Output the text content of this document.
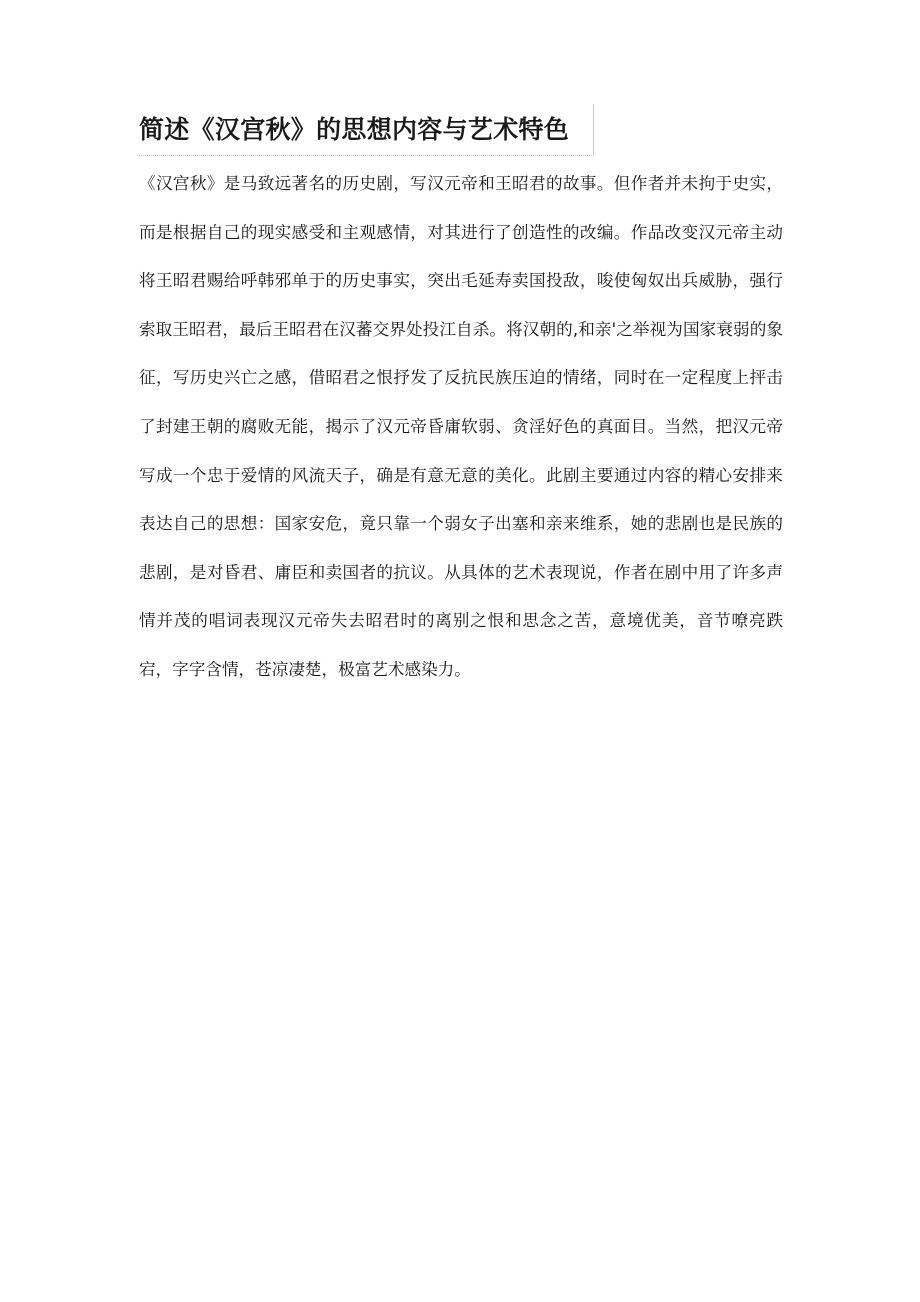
简述《汉宫秋》的思想内容与艺术特色

《汉宫秋》是马致远著名的历史剧，写汉元帝和王昭君的故事。但作者并未拘于史实，而是根据自己的现实感受和主观感情，对其进行了创造性的改编。作品改变汉元帝主动将王昭君赐给呼韩邪单于的历史事实，突出毛延寿卖国投敌，唆使匈奴出兵威胁，强行索取王昭君，最后王昭君在汉蕃交界处投江自杀。将汉朝的,和亲'之举视为国家衰弱的象征，写历史兴亡之感，借昭君之恨抒发了反抗民族压迫的情绪，同时在一定程度上抨击了封建王朝的腐败无能，揭示了汉元帝昏庸软弱、贪淫好色的真面目。当然，把汉元帝写成一个忠于爱情的风流天子，确是有意无意的美化。此剧主要通过内容的精心安排来表达自己的思想：国家安危，竟只靠一个弱女子出塞和亲来维系，她的悲剧也是民族的悲剧，是对昏君、庸臣和卖国者的抗议。从具体的艺术表现说，作者在剧中用了许多声情并茂的唱词表现汉元帝失去昭君时的离别之恨和思念之苦，意境优美，音节嘹亮跌宕，字字含情，苍凉凄楚，极富艺术感染力。
